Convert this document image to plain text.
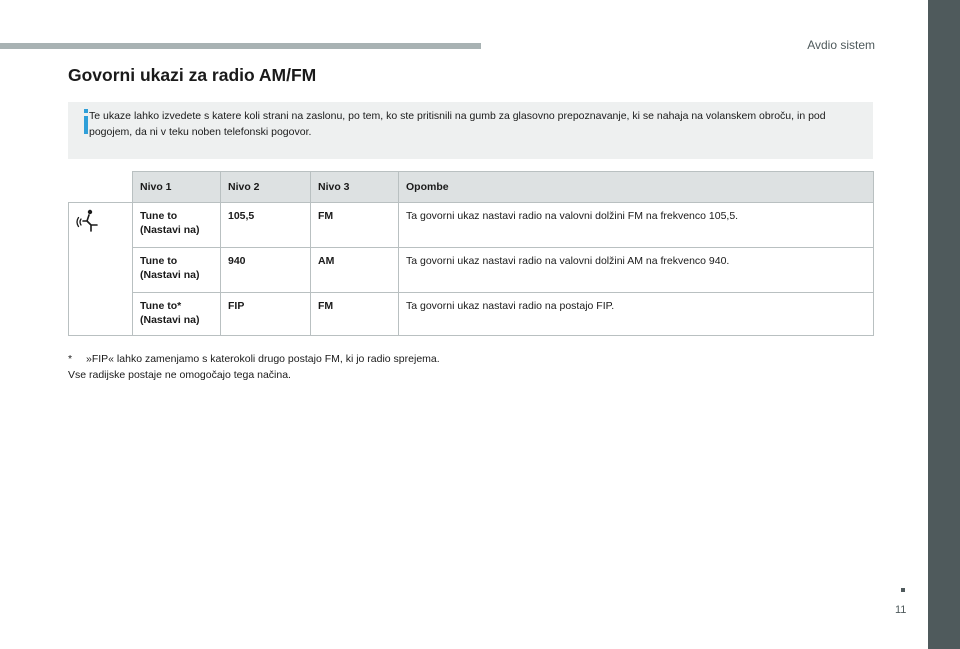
Avdio sistem
Govorni ukazi za radio AM/FM
Te ukaze lahko izvedete s katere koli strani na zaslonu, po tem, ko ste pritisnili na gumb za glasovno prepoznavanje, ki se nahaja na volanskem obroču, in pod pogojem, da ni v teku noben telefonski pogovor.
	Nivo 1	Nivo 2	Nivo 3	Opombe
	Tune to
(Nastavi na)	105,5	FM	Ta govorni ukaz nastavi radio na valovni dolžini FM na frekvenco 105,5.
	Tune to
(Nastavi na)	940	AM	Ta govorni ukaz nastavi radio na valovni dolžini AM na frekvenco 940.
	Tune to*
(Nastavi na)	FIP	FM	Ta govorni ukaz nastavi radio na postajo FIP.
* »FIP« lahko zamenjamo s katerokoli drugo postajo FM, ki jo radio sprejema.
Vse radijske postaje ne omogočajo tega načina.
11
